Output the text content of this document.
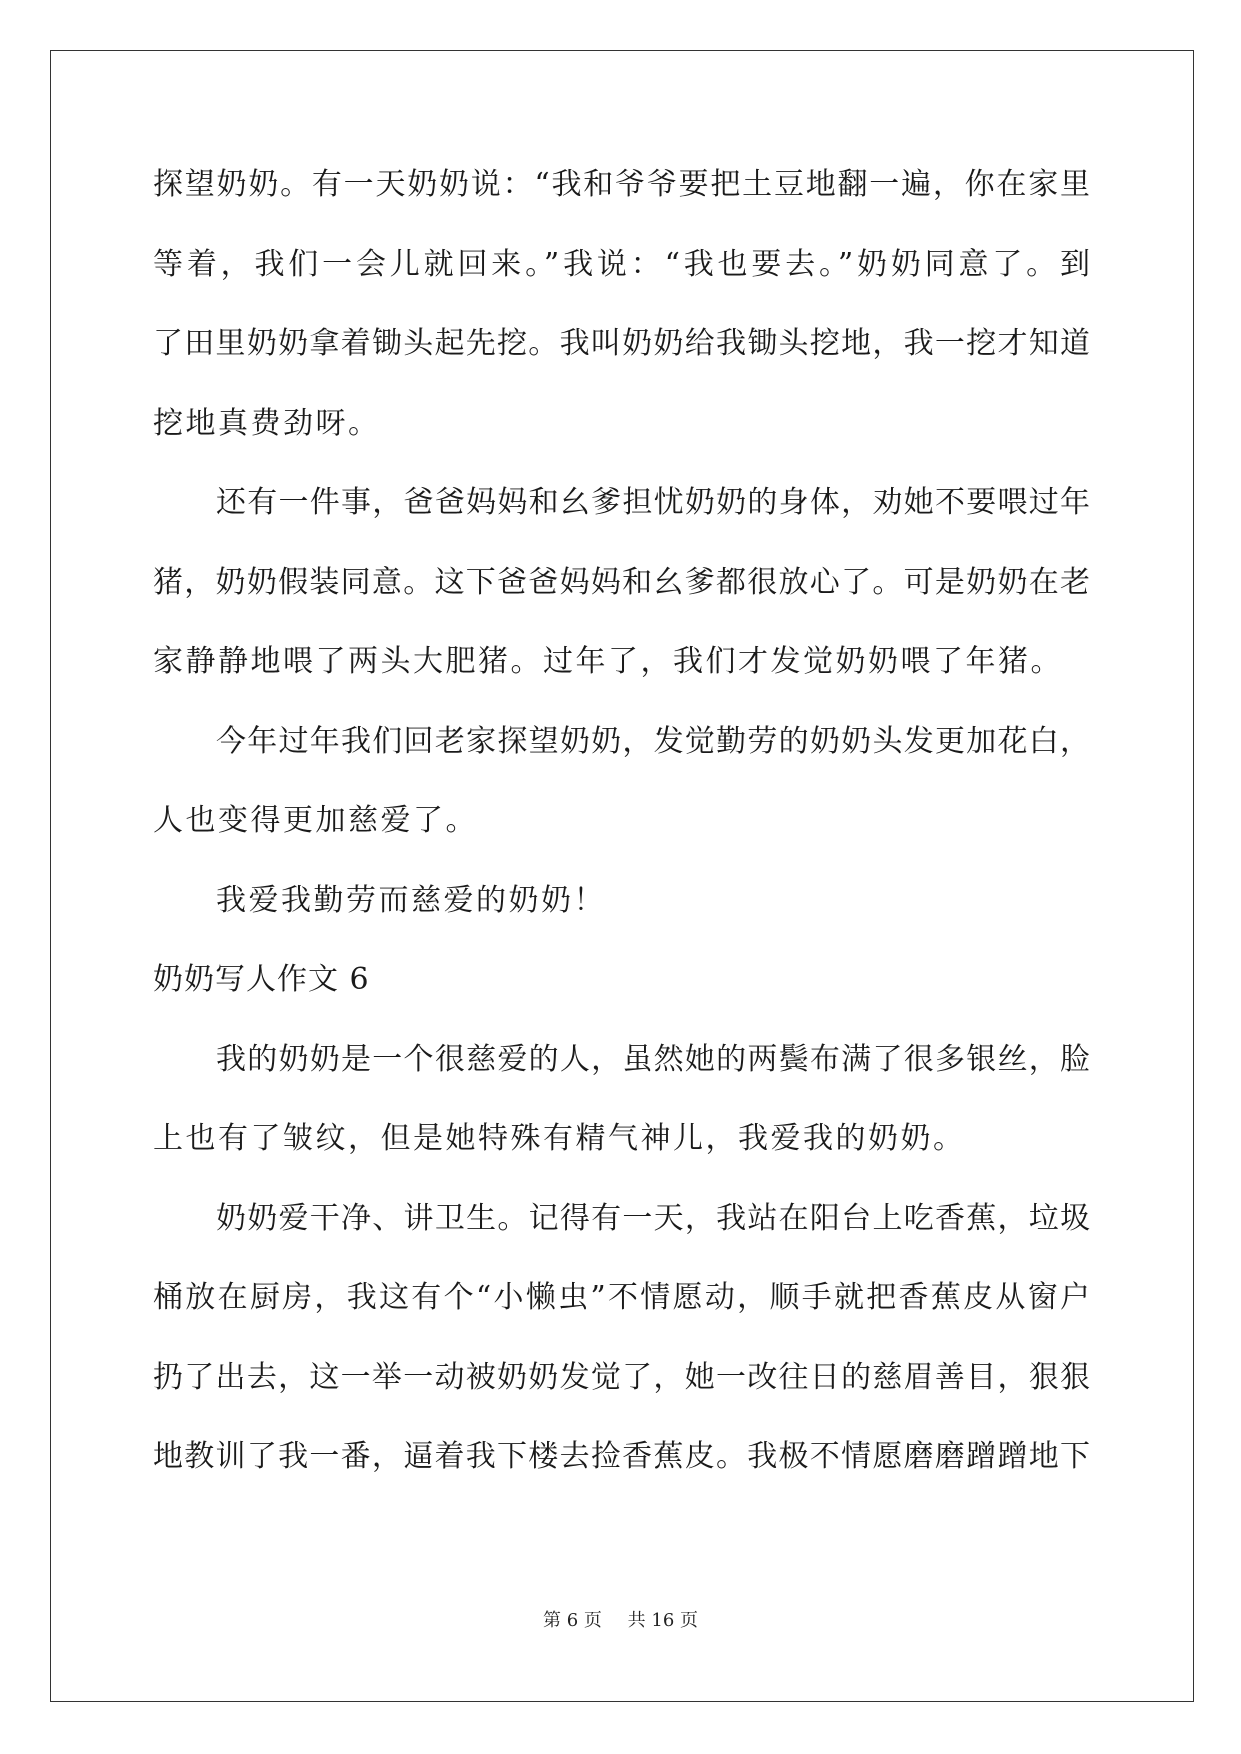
探望奶奶。有一天奶奶说：“我和爷爷要把土豆地翻一遍，你在家里
等着，我们一会儿就回来。”我说：“我也要去。”奶奶同意了。到
了田里奶奶拿着锄头起先挖。我叫奶奶给我锄头挖地，我一挖才知道
挖地真费劲呀。
还有一件事，爸爸妈妈和幺爹担忧奶奶的身体，劝她不要喂过年
猪，奶奶假装同意。这下爸爸妈妈和幺爹都很放心了。可是奶奶在老
家静静地喂了两头大肥猪。过年了，我们才发觉奶奶喂了年猪。
今年过年我们回老家探望奶奶，发觉勤劳的奶奶头发更加花白，
人也变得更加慈爱了。
我爱我勤劳而慈爱的奶奶！
奶奶写人作文 6
我的奶奶是一个很慈爱的人，虽然她的两鬓布满了很多银丝，脸
上也有了皱纹，但是她特殊有精气神儿，我爱我的奶奶。
奶奶爱干净、讲卫生。记得有一天，我站在阳台上吃香蕉，垃圾
桶放在厨房，我这有个“小懒虫”不情愿动，顺手就把香蕉皮从窗户
扔了出去，这一举一动被奶奶发觉了，她一改往日的慈眉善目，狠狠
地教训了我一番，逼着我下楼去捡香蕉皮。我极不情愿磨磨蹭蹭地下
第 6 页 共 16 页
